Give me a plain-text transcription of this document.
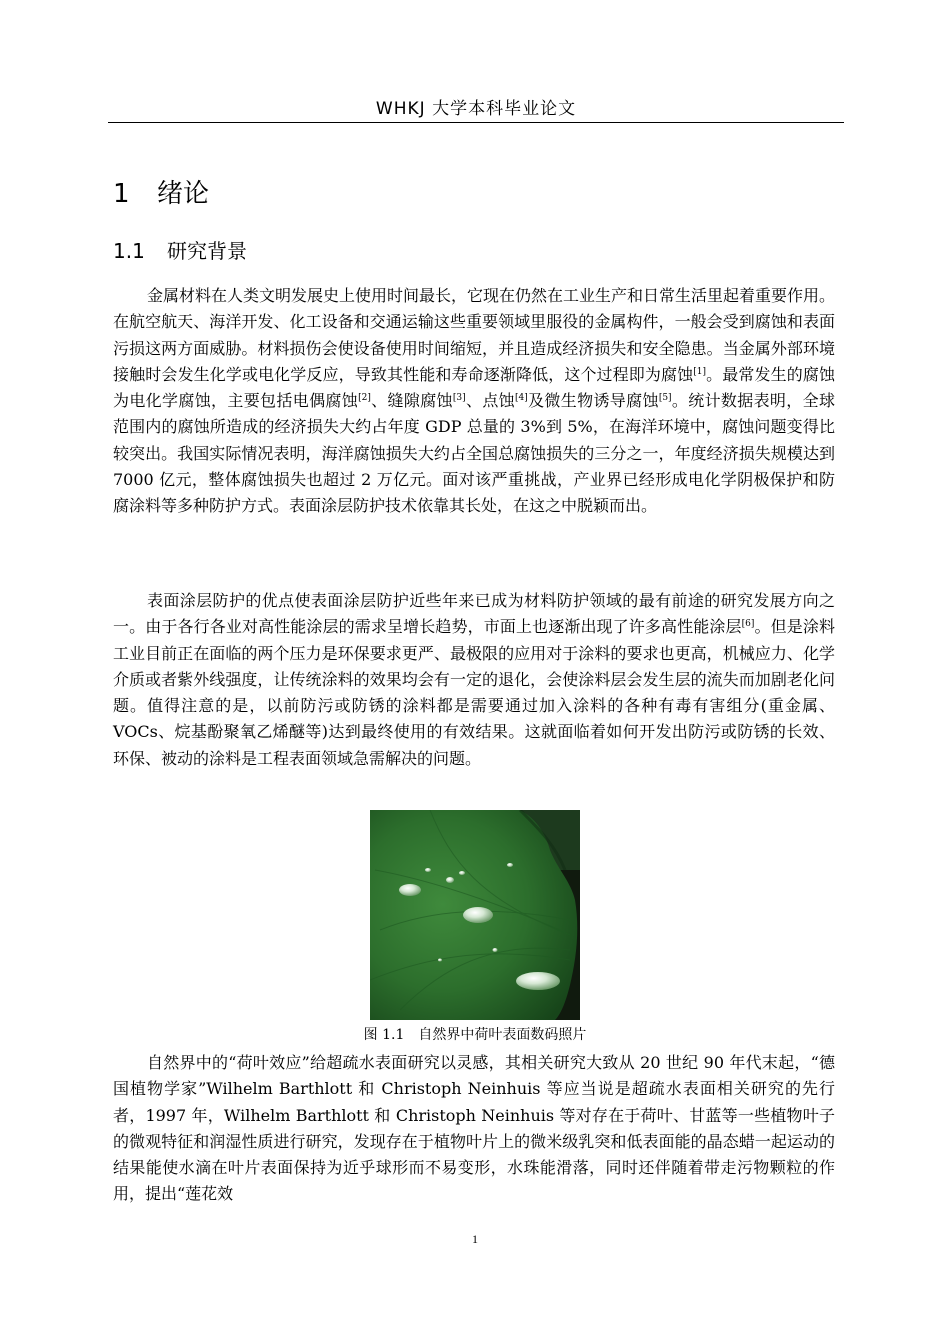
WHKJ 大学本科毕业论文
1 绪论
1.1 研究背景

金属材料在人类文明发展史上使用时间最长，它现在仍然在工业生产和日常生活里起着重要作用。在航空航天、海洋开发、化工设备和交通运输这些重要领域里服役的金属构件，一般会受到腐蚀和表面污损这两方面威胁。材料损伤会使设备使用时间缩短，并且造成经济损失和安全隐患。当金属外部环境接触时会发生化学或电化学反应，导致其性能和寿命逐渐降低，这个过程即为腐蚀[1]。最常发生的腐蚀为电化学腐蚀，主要包括电偶腐蚀[2]、缝隙腐蚀[3]、点蚀[4]及微生物诱导腐蚀[5]。统计数据表明，全球范围内的腐蚀所造成的经济损失大约占年度 GDP 总量的 3%到 5%，在海洋环境中，腐蚀问题变得比较突出。我国实际情况表明，海洋腐蚀损失大约占全国总腐蚀损失的三分之一，年度经济损失规模达到 7000 亿元，整体腐蚀损失也超过 2 万亿元。面对该严重挑战，产业界已经形成电化学阴极保护和防腐涂料等多种防护方式。表面涂层防护技术依靠其长处，在这之中脱颖而出。

表面涂层防护的优点使表面涂层防护近些年来已成为材料防护领域的最有前途的研究发展方向之一。由于各行各业对高性能涂层的需求呈增长趋势，市面上也逐渐出现了许多高性能涂层[6]。但是涂料工业目前正在面临的两个压力是环保要求更严、最极限的应用对于涂料的要求也更高，机械应力、化学介质或者紫外线强度，让传统涂料的效果均会有一定的退化，会使涂料层会发生层的流失而加剧老化问题。值得注意的是，以前防污或防锈的涂料都是需要通过加入涂料的各种有毒有害组分(重金属、VOCs、烷基酚聚氧乙烯醚等)达到最终使用的有效结果。这就面临着如何开发出防污或防锈的长效、环保、被动的涂料是工程表面领域急需解决的问题。

图 1.1　自然界中荷叶表面数码照片

自然界中的“荷叶效应”给超疏水表面研究以灵感，其相关研究大致从 20 世纪 90 年代末起，“德国植物学家”Wilhelm Barthlott 和 Christoph Neinhuis 等应当说是超疏水表面相关研究的先行者，1997 年，Wilhelm Barthlott 和 Christoph Neinhuis 等对存在于荷叶、甘蓝等一些植物叶子的微观特征和润湿性质进行研究，发现存在于植物叶片上的微米级乳突和低表面能的晶态蜡一起运动的结果能使水滴在叶片表面保持为近乎球形而不易变形，水珠能滑落，同时还伴随着带走污物颗粒的作用，提出“莲花效

1
